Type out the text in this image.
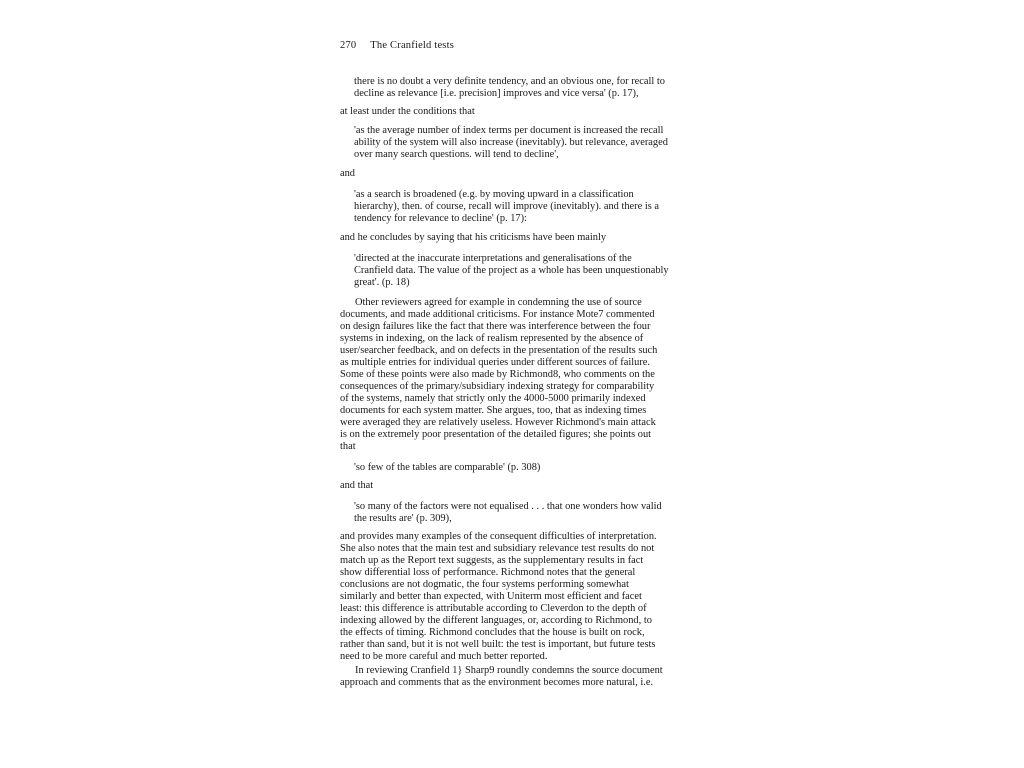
270 The Cranfield tests
there is no doubt a very definite tendency, and an obvious one, for recall to
decline as relevance [i.e. precision] improves and vice versa' (p. 17),
at least under the conditions that
'as the average number of index terms per document is increased the recall
ability of the system will also increase (inevitably). but relevance, averaged
over many search questions. will tend to decline',
and
'as a search is broadened (e.g. by moving upward in a classification
hierarchy), then. of course, recall will improve (inevitably). and there is a
tendency for relevance to decline' (p. 17):
and he concludes by saying that his criticisms have been mainly
'directed at the inaccurate interpretations and generalisations of the
Cranfield data. The value of the project as a whole has been unquestionably
great'. (p. 18)
Other reviewers agreed for example in condemning the use of source
documents, and made additional criticisms. For instance Mote7 commented
on design failures like the fact that there was interference between the four
systems in indexing, on the lack of realism represented by the absence of
user/searcher feedback, and on defects in the presentation of the results such
as multiple entries for individual queries under different sources of failure.
Some of these points were also made by Richmond8, who comments on the
consequences of the primary/subsidiary indexing strategy for comparability
of the systems, namely that strictly only the 4000-5000 primarily indexed
documents for each system matter. She argues, too, that as indexing times
were averaged they are relatively useless. However Richmond's main attack
is on the extremely poor presentation of the detailed figures; she points out
that
'so few of the tables are comparable' (p. 308)
and that
'so many of the factors were not equalised . . . that one wonders how valid
the results are' (p. 309),
and provides many examples of the consequent difficulties of interpretation.
She also notes that the main test and subsidiary relevance test results do not
match up as the Report text suggests, as the supplementary results in fact
show differential loss of performance. Richmond notes that the general
conclusions are not dogmatic, the four systems performing somewhat
similarly and better than expected, with Uniterm most efficient and facet
least: this difference is attributable according to Cleverdon to the depth of
indexing allowed by the different languages, or, according to Richmond, to
the effects of timing. Richmond concludes that the house is built on rock,
rather than sand, but it is not well built: the test is important, but future tests
need to be more careful and much better reported.
In reviewing Cranfield 1} Sharp9 roundly condemns the source document
approach and comments that as the environment becomes more natural, i.e.
